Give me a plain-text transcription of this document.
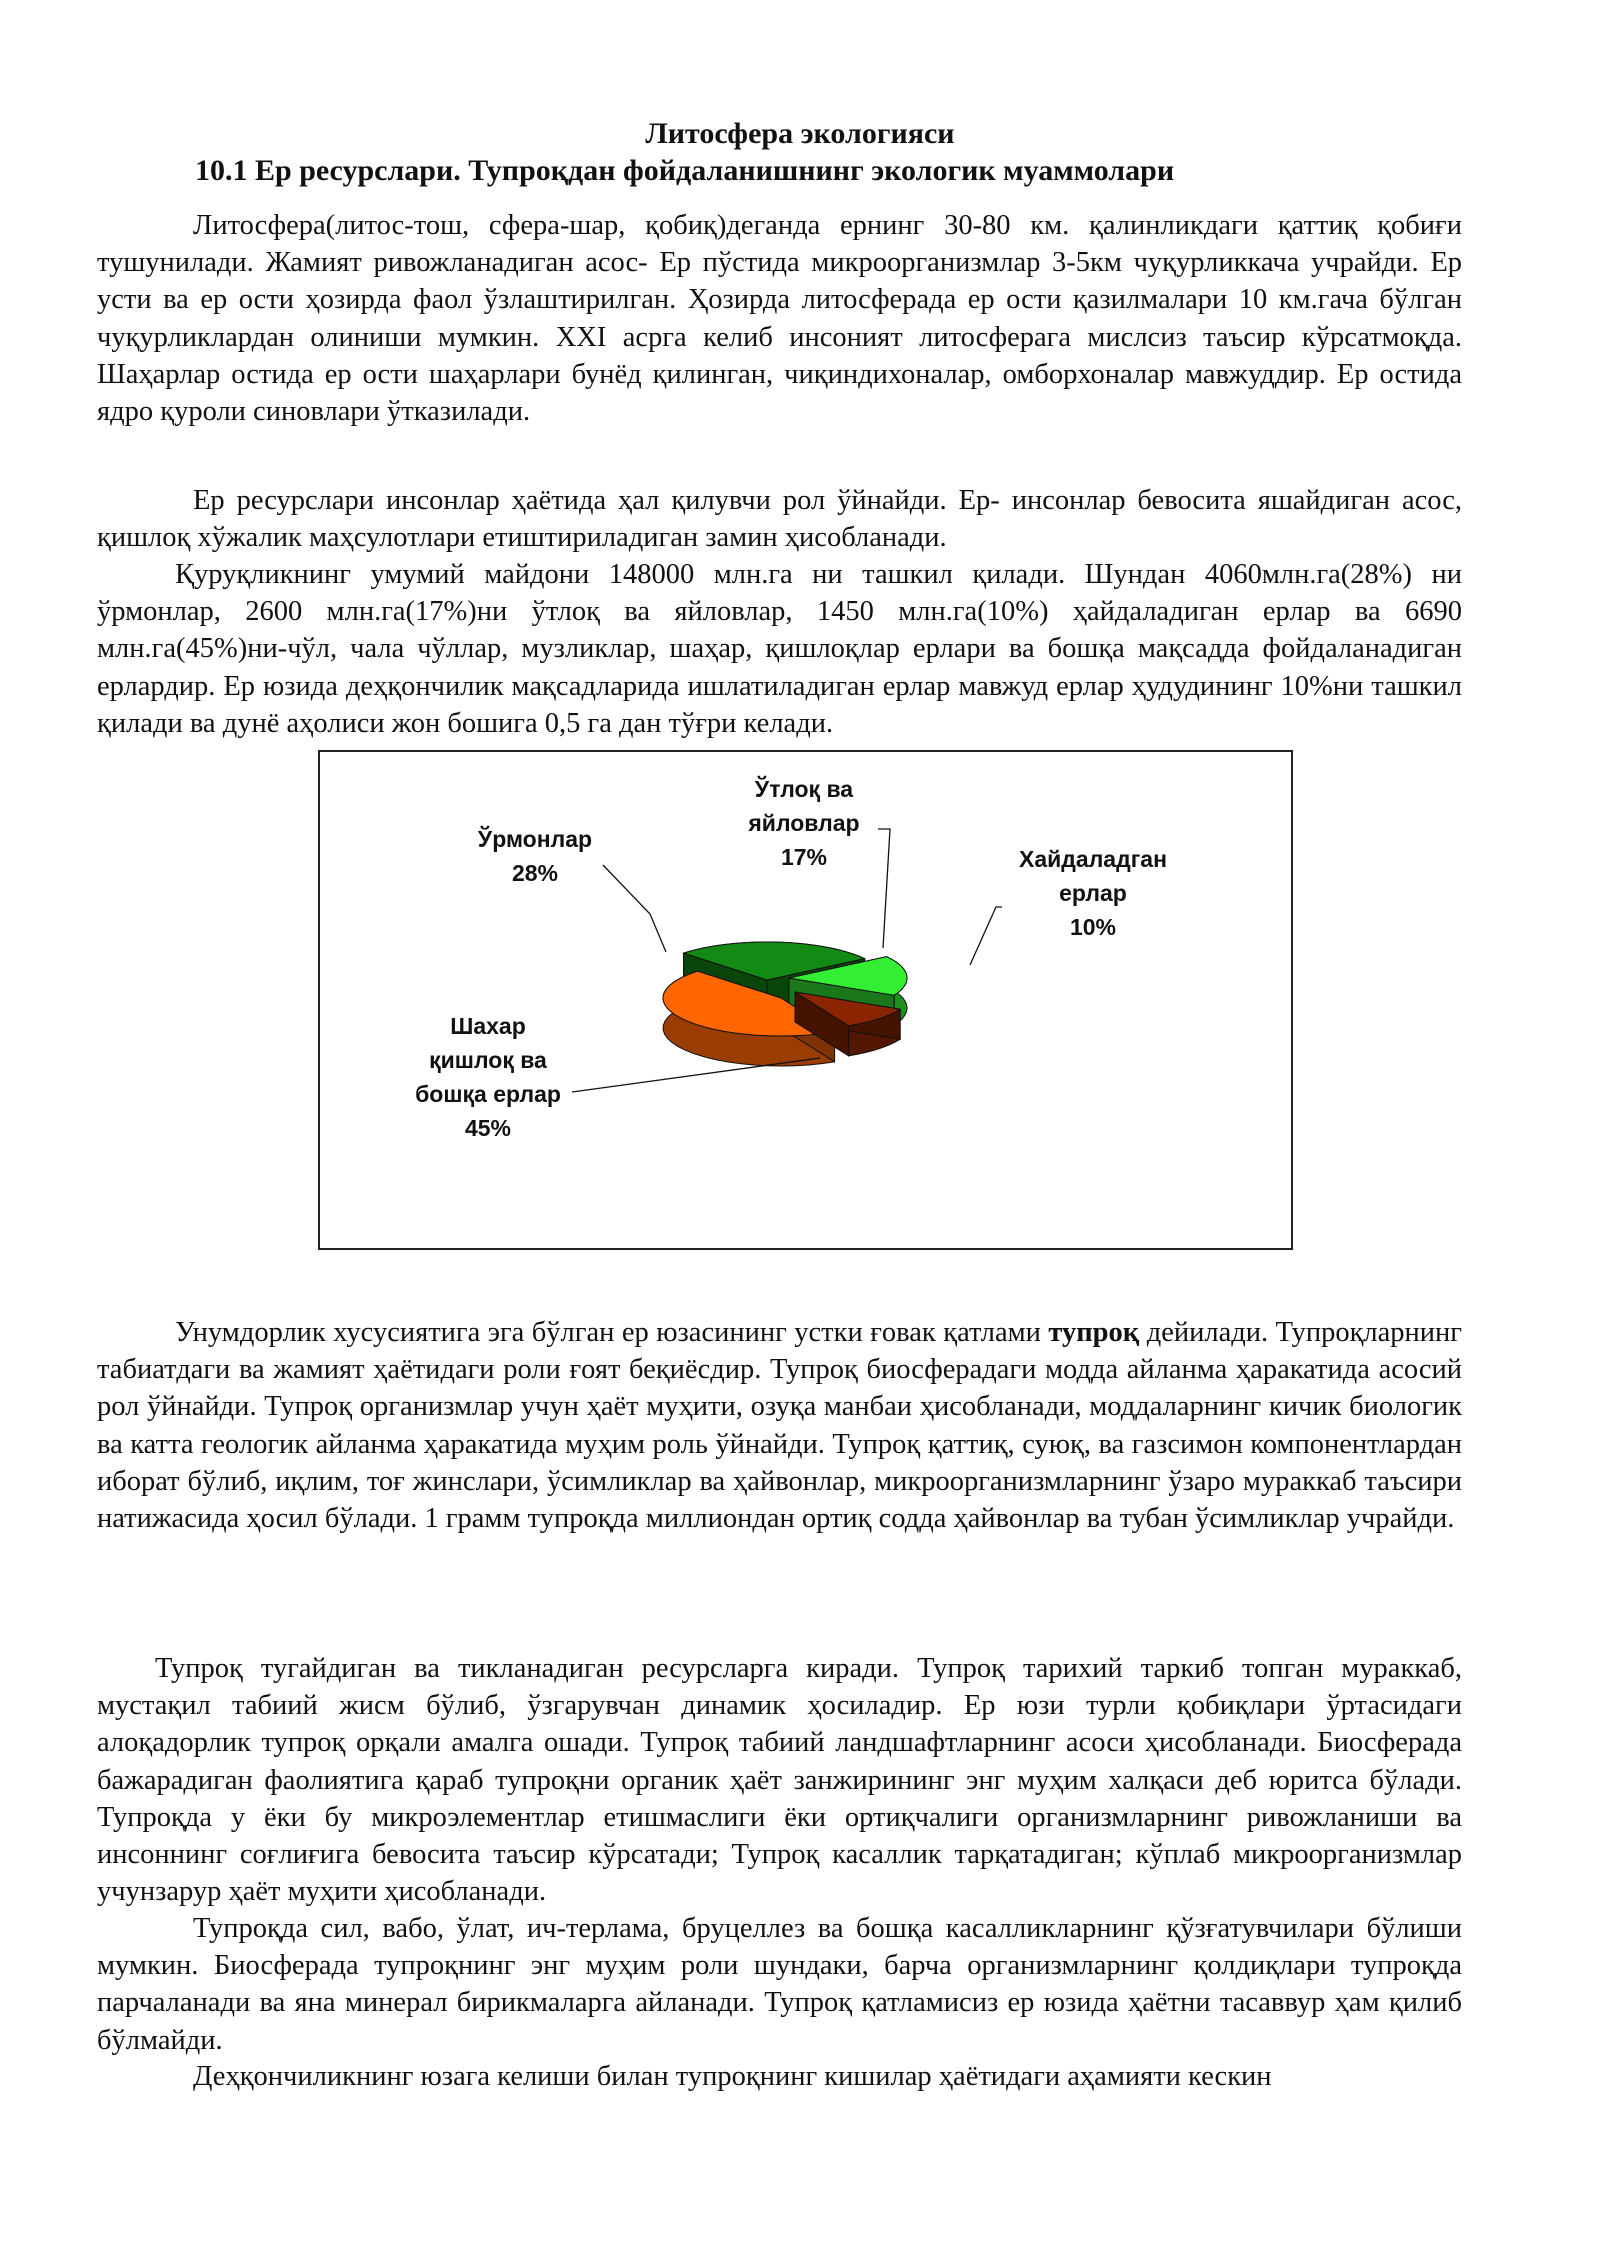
Литосфера экологияси
10.1 Ер ресурслари. Тупроқдан фойдаланишнинг экологик муаммолари

Литосфера(литос-тош, сфера-шар, қобиқ)деганда ернинг 30-80 км. қалинликдаги қаттиқ қобиғи тушунилади. Жамият ривожланадиган асос- Ер пўстида микроорганизмлар 3-5км чуқурликкача учрайди. Ер усти ва ер ости ҳозирда фаол ўзлаштирилган. Ҳозирда литосферада ер ости қазилмалари 10 км.гача бўлган чуқурликлардан олиниши мумкин. XXI асрга келиб инсоният литосферага мислсиз таъсир кўрсатмоқда. Шаҳарлар остида ер ости шаҳарлари бунёд қилинган, чиқиндихоналар, омборхоналар мавжуддир. Ер остида ядро қуроли синовлари ўтказилади.

Ер ресурслари инсонлар ҳаётида ҳал қилувчи рол ўйнайди. Ер- инсонлар бевосита яшайдиган асос, қишлоқ хўжалик маҳсулотлари етиштириладиган замин ҳисобланади.

Қуруқликнинг умумий майдони 148000 млн.га ни ташкил қилади. Шундан 4060млн.га(28%) ни ўрмонлар, 2600 млн.га(17%)ни ўтлоқ ва яйловлар, 1450 млн.га(10%) ҳайдаладиган ерлар ва 6690 млн.га(45%)ни-чўл, чала чўллар, музликлар, шаҳар, қишлоқлар ерлари ва бошқа мақсадда фойдаланадиган ерлардир. Ер юзида деҳқончилик мақсадларида ишлатиладиган ерлар мавжуд ерлар ҳудудининг 10%ни ташкил қилади ва дунё аҳолиси жон бошига 0,5 га дан тўғри келади.

Ўрмонлар
28%
Ўтлоқ ва
яйловлар
17%	Хайдаладган
ерлар
10%
Шахар
қишлоқ ва
бошқа ерлар
45%

Унумдорлик хусусиятига эга бўлган ер юзасининг устки ғовак қатлами тупроқ дейилади. Тупроқларнинг табиатдаги ва жамият ҳаётидаги роли ғоят беқиёсдир. Тупроқ биосферадаги модда айланма ҳаракатида асосий рол ўйнайди. Тупроқ организмлар учун ҳаёт муҳити, озуқа манбаи ҳисобланади, моддаларнинг кичик биологик ва катта геологик айланма ҳаракатида муҳим роль ўйнайди. Тупроқ қаттиқ, суюқ, ва газсимон компонентлардан иборат бўлиб, иқлим, тоғ жинслари, ўсимликлар ва ҳайвонлар, микроорганизмларнинг ўзаро мураккаб таъсири натижасида ҳосил бўлади. 1 грамм тупроқда миллиондан ортиқ содда ҳайвонлар ва тубан ўсимликлар учрайди.

Тупроқ тугайдиган ва тикланадиган ресурсларга киради. Тупроқ тарихий таркиб топган мураккаб, мустақил табиий жисм бўлиб, ўзгарувчан динамик ҳосиладир. Ер юзи турли қобиқлари ўртасидаги алоқадорлик тупроқ орқали амалга ошади. Тупроқ табиий ландшафтларнинг асоси ҳисобланади. Биосферада бажарадиган фаолиятига қараб тупроқни органик ҳаёт занжирининг энг муҳим халқаси деб юритса бўлади. Тупроқда у ёки бу микроэлементлар етишмаслиги ёки ортиқчалиги организмларнинг ривожланиши ва инсоннинг соғлиғига бевосита таъсир кўрсатади; Тупроқ касаллик тарқатадиган; кўплаб микроорганизмлар учунзарур ҳаёт муҳити ҳисобланади.

Тупроқда сил, вабо, ўлат, ич-терлама, бруцеллез ва бошқа касалликларнинг қўзғатувчилари бўлиши мумкин. Биосферада тупроқнинг энг муҳим роли шундаки, барча организмларнинг қолдиқлари тупроқда парчаланади ва яна минерал бирикмаларга айланади. Тупроқ қатламисиз ер юзида ҳаётни тасаввур ҳам қилиб бўлмайди.

Деҳқончиликнинг юзага келиши билан тупроқнинг кишилар ҳаётидаги аҳамияти кескин
